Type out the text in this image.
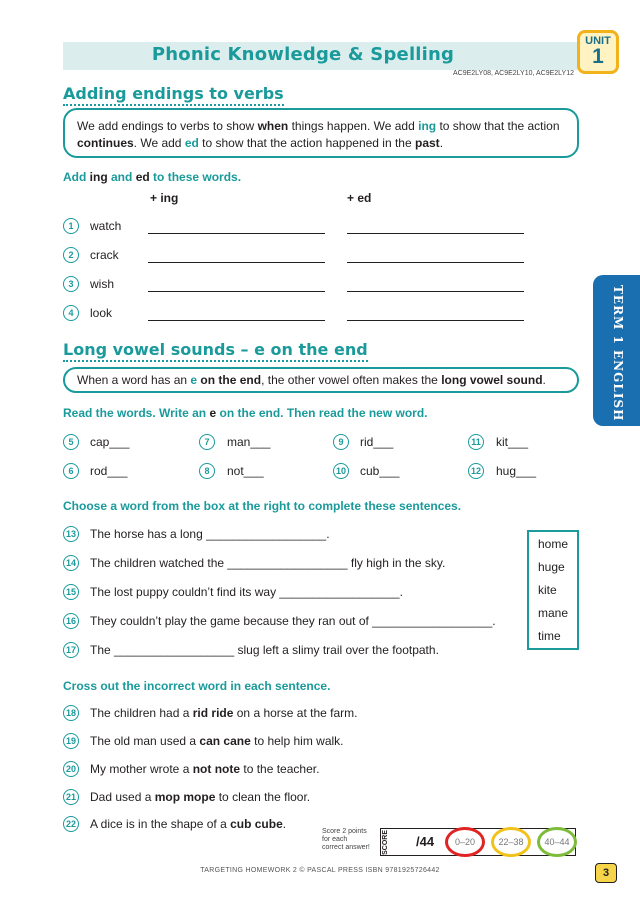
Phonic Knowledge & Spelling
UNIT
1
AC9E2LY08, AC9E2LY10, AC9E2LY12
TERM 1 ENGLISH
Adding endings to verbs
We add endings to verbs to show when things happen. We add ing to show that the action continues. We add ed to show that the action happened in the past.
Add ing and ed to these words.
+ ing	+ ed
1	watch
2	crack
3	wish
4	look
Long vowel sounds – e on the end
When a word has an e on the end, the other vowel often makes the long vowel sound.
Read the words. Write an e on the end. Then read the new word.
5	cap___	7	man___	9	rid___	11 kit___
6	rod___	8	not___	10 cub___	12 hug___
Choose a word from the box at the right to complete these sentences.
13 The horse has a long __________________.
14 The children watched the __________________ fly high in the sky.
15 The lost puppy couldn’t find its way __________________.
16 They couldn’t play the game because they ran out of __________________.
17 The __________________ slug left a slimy trail over the footpath.
home
huge
kite
mane
time
Cross out the incorrect word in each sentence.
18 The children had a rid ride on a horse at the farm.
19 The old man used a can cane to help him walk.
20 My mother wrote a not note to the teacher.
21 Dad used a mop mope to clean the floor.
22 A dice is in the shape of a cub cube.
Score 2 points
for each
correct answer! SCORE /44	0–20	22–38	40–44
TARGETING HOMEWORK 2 © PASCAL PRESS ISBN 9781925726442	3
